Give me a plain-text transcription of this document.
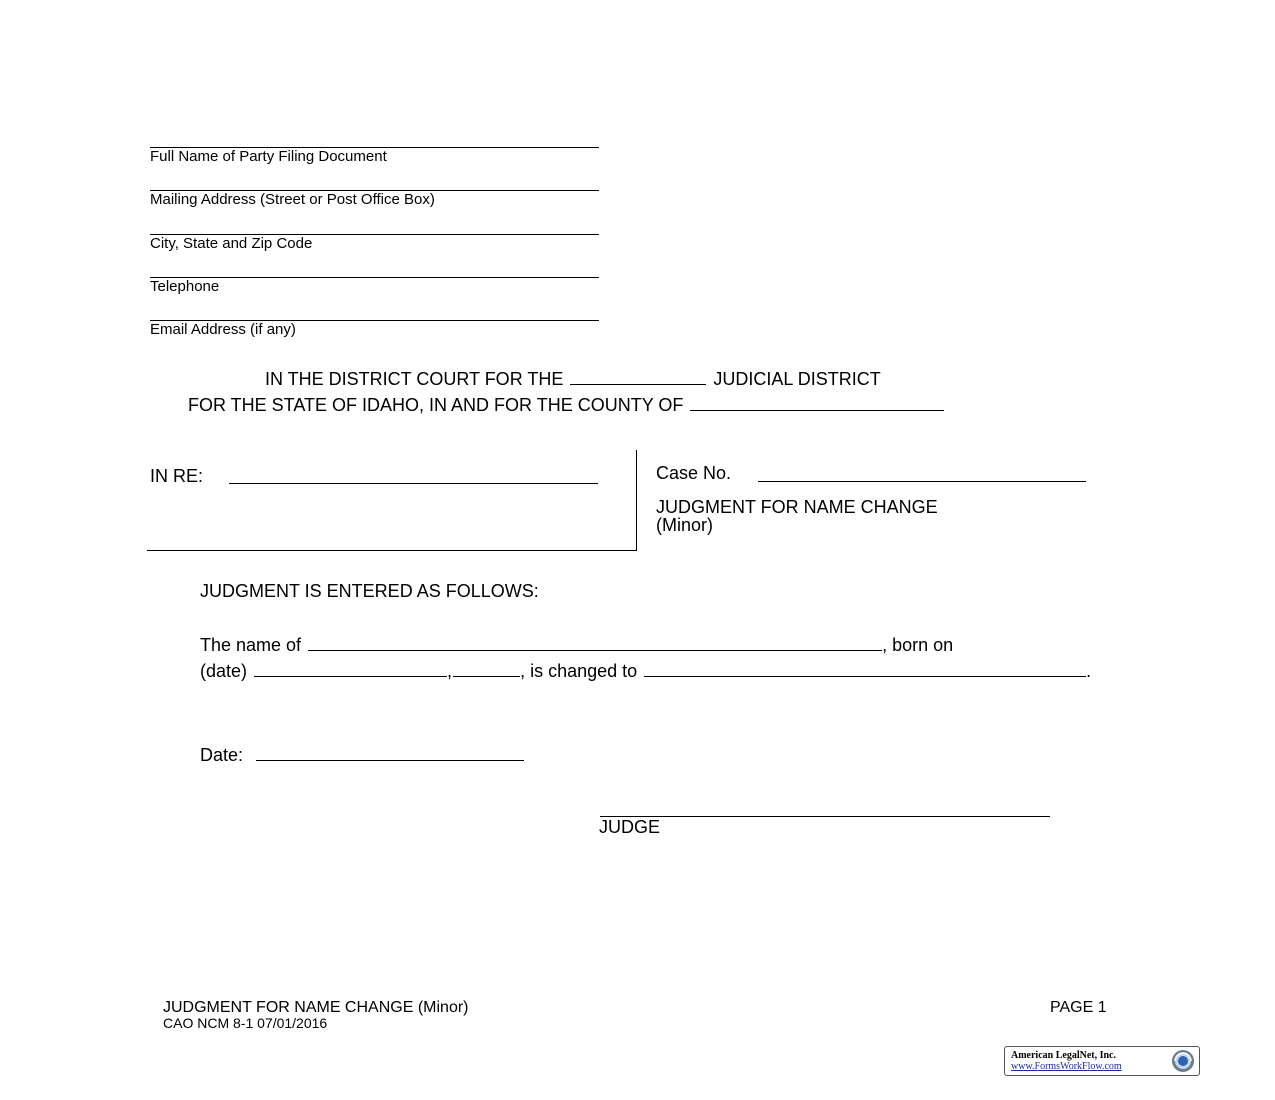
Full Name of Party Filing Document
Mailing Address (Street or Post Office Box)
City, State and Zip Code
Telephone
Email Address (if any)
IN THE DISTRICT COURT FOR THE	JUDICIAL DISTRICT
FOR THE STATE OF IDAHO, IN AND FOR THE COUNTY OF
IN RE:	Case No.
JUDGMENT FOR NAME CHANGE
(Minor)
JUDGMENT IS ENTERED AS FOLLOWS:
The name of	, born on
(date)	,	, is changed to	.
Date:
JUDGE
JUDGMENT FOR NAME CHANGE (Minor)
CAO NCM 8-1 07/01/2016
PAGE 1
American LegalNet, Inc.
www.FormsWorkFlow.com
